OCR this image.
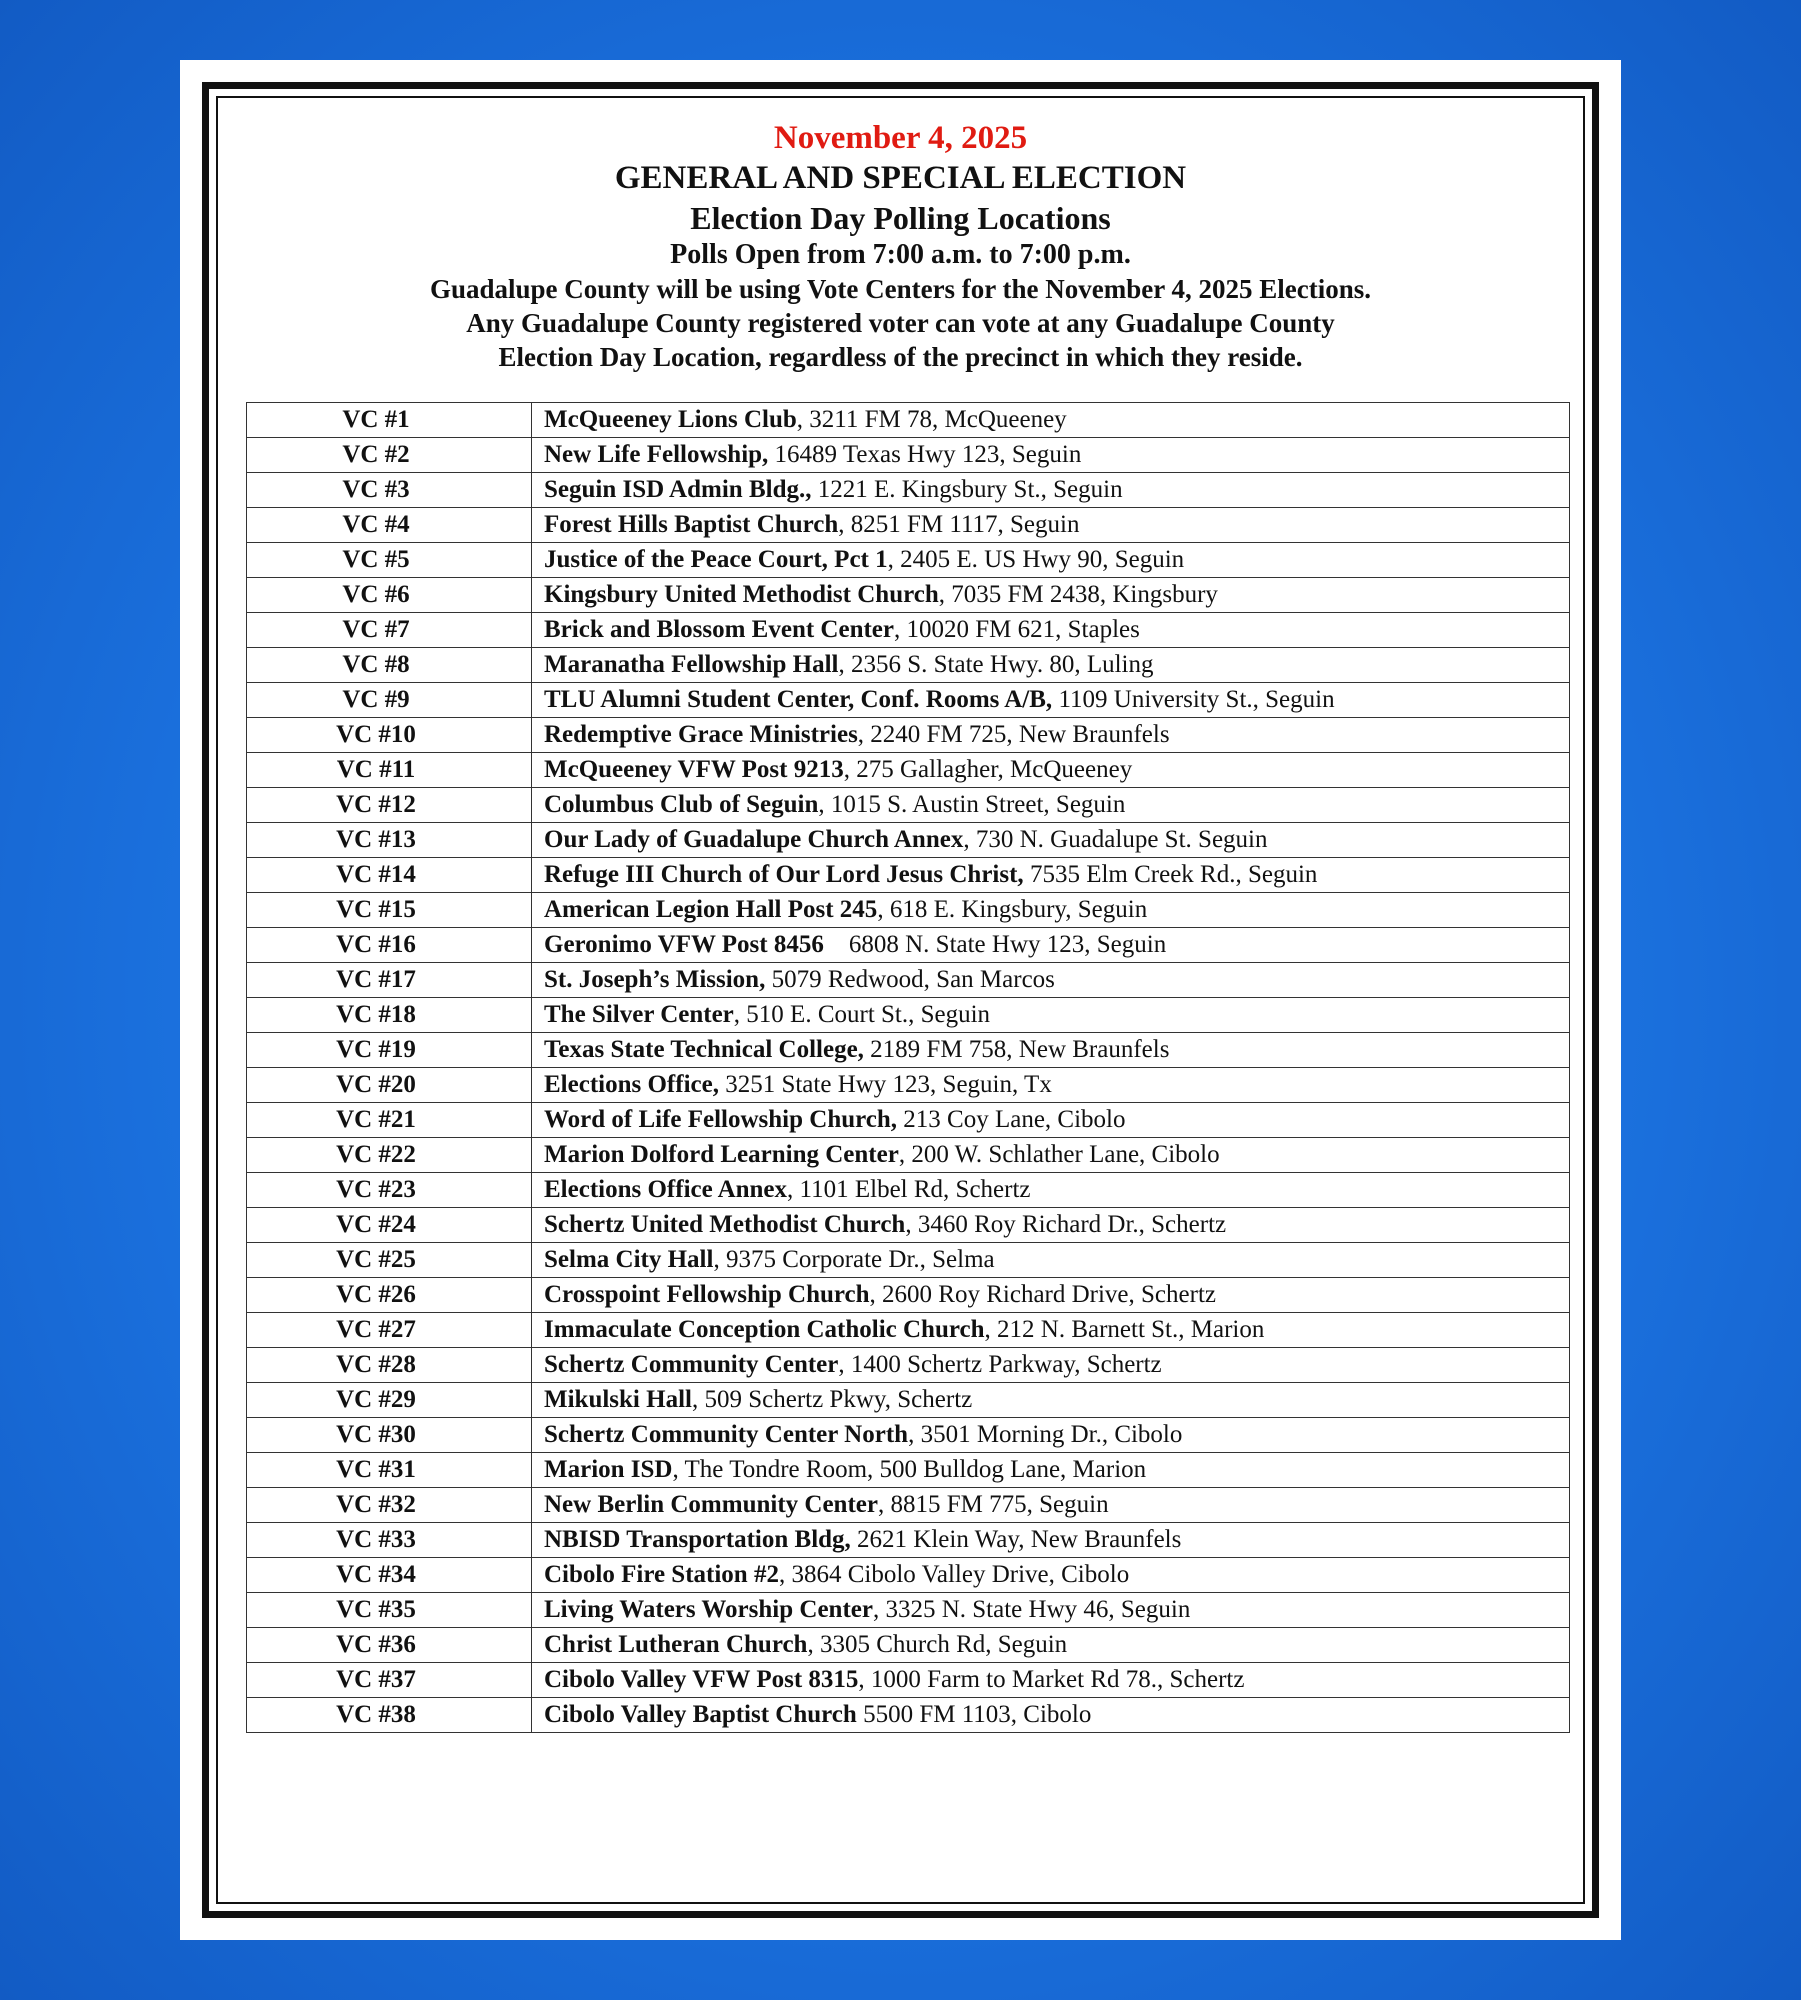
November 4, 2025
GENERAL AND SPECIAL ELECTION
Election Day Polling Locations
Polls Open from 7:00 a.m. to 7:00 p.m.
Guadalupe County will be using Vote Centers for the November 4, 2025 Elections.
Any Guadalupe County registered voter can vote at any Guadalupe County
Election Day Location, regardless of the precinct in which they reside.
VC #1	McQueeney Lions Club, 3211 FM 78, McQueeney
VC #2	New Life Fellowship, 16489 Texas Hwy 123, Seguin
VC #3	Seguin ISD Admin Bldg., 1221 E. Kingsbury St., Seguin
VC #4	Forest Hills Baptist Church, 8251 FM 1117, Seguin
VC #5	Justice of the Peace Court, Pct 1, 2405 E. US Hwy 90, Seguin
VC #6	Kingsbury United Methodist Church, 7035 FM 2438, Kingsbury
VC #7	Brick and Blossom Event Center, 10020 FM 621, Staples
VC #8	Maranatha Fellowship Hall, 2356 S. State Hwy. 80, Luling
VC #9	TLU Alumni Student Center, Conf. Rooms A/B, 1109 University St., Seguin
VC #10	Redemptive Grace Ministries, 2240 FM 725, New Braunfels
VC #11	McQueeney VFW Post 9213, 275 Gallagher, McQueeney
VC #12	Columbus Club of Seguin, 1015 S. Austin Street, Seguin
VC #13	Our Lady of Guadalupe Church Annex, 730 N. Guadalupe St. Seguin
VC #14	Refuge III Church of Our Lord Jesus Christ, 7535 Elm Creek Rd., Seguin
VC #15	American Legion Hall Post 245, 618 E. Kingsbury, Seguin
VC #16	Geronimo VFW Post 8456    6808 N. State Hwy 123, Seguin
VC #17	St. Joseph’s Mission, 5079 Redwood, San Marcos
VC #18	The Silver Center, 510 E. Court St., Seguin
VC #19	Texas State Technical College, 2189 FM 758, New Braunfels
VC #20	Elections Office, 3251 State Hwy 123, Seguin, Tx
VC #21	Word of Life Fellowship Church, 213 Coy Lane, Cibolo
VC #22	Marion Dolford Learning Center, 200 W. Schlather Lane, Cibolo
VC #23	Elections Office Annex, 1101 Elbel Rd, Schertz
VC #24	Schertz United Methodist Church, 3460 Roy Richard Dr., Schertz
VC #25	Selma City Hall, 9375 Corporate Dr., Selma
VC #26	Crosspoint Fellowship Church, 2600 Roy Richard Drive, Schertz
VC #27	Immaculate Conception Catholic Church, 212 N. Barnett St., Marion
VC #28	Schertz Community Center, 1400 Schertz Parkway, Schertz
VC #29	Mikulski Hall, 509 Schertz Pkwy, Schertz
VC #30	Schertz Community Center North, 3501 Morning Dr., Cibolo
VC #31	Marion ISD, The Tondre Room, 500 Bulldog Lane, Marion
VC #32	New Berlin Community Center, 8815 FM 775, Seguin
VC #33	NBISD Transportation Bldg, 2621 Klein Way, New Braunfels
VC #34	Cibolo Fire Station #2, 3864 Cibolo Valley Drive, Cibolo
VC #35	Living Waters Worship Center, 3325 N. State Hwy 46, Seguin
VC #36	Christ Lutheran Church, 3305 Church Rd, Seguin
VC #37	Cibolo Valley VFW Post 8315, 1000 Farm to Market Rd 78., Schertz
VC #38	Cibolo Valley Baptist Church 5500 FM 1103, Cibolo
